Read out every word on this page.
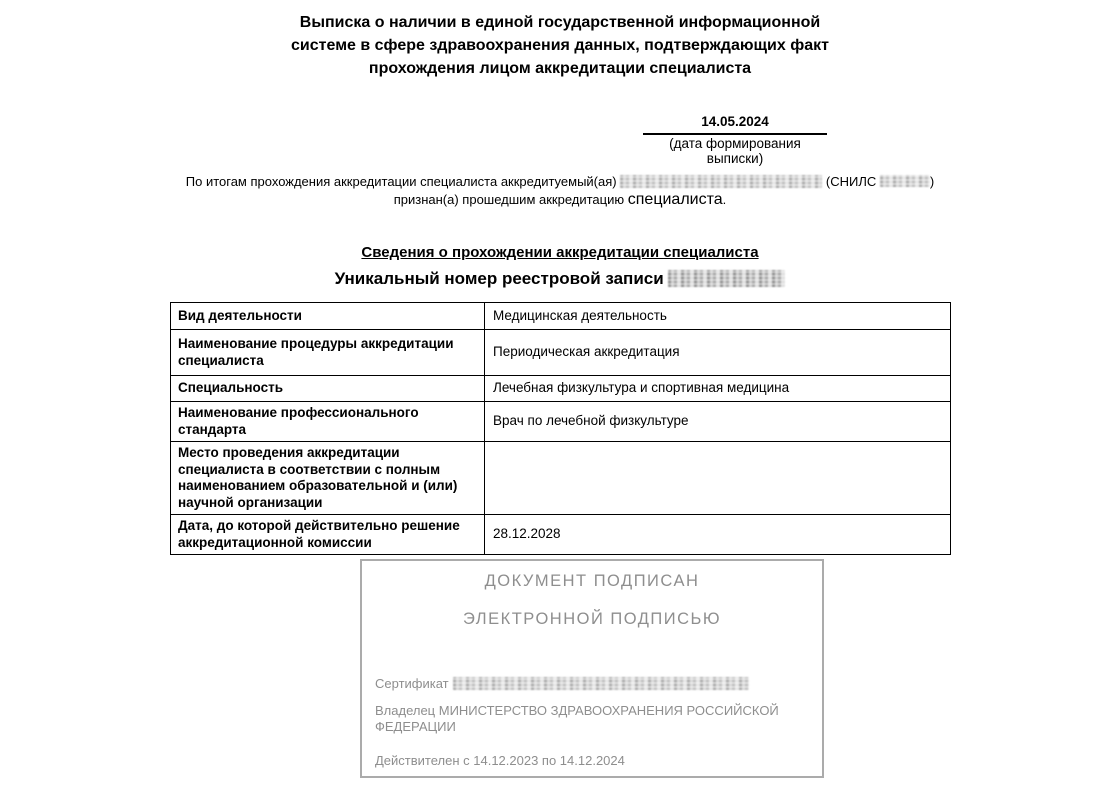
Выписка о наличии в единой государственной информационной
системе в сфере здравоохранения данных, подтверждающих факт
прохождения лицом аккредитации специалиста
14.05.2024
(дата формирования выписки)

По итогам прохождения аккредитации специалиста аккредитуемый(ая)	(СНИЛС	)
признан(а) прошедшим аккредитацию специалиста.

Сведения о прохождении аккредитации специалиста
Уникальный номер реестровой записи
Вид деятельности	Медицинская деятельность
Наименование процедуры аккредитации специалиста	Периодическая аккредитация
Специальность	Лечебная физкультура и спортивная медицина
Наименование профессионального стандарта	Врач по лечебной физкультуре
Место проведения аккредитации специалиста в соответствии с полным наименованием образовательной и (или) научной организации	
Дата, до которой действительно решение аккредитационной комиссии	28.12.2028
ДОКУМЕНТ ПОДПИСАН
ЭЛЕКТРОННОЙ ПОДПИСЬЮ
Сертификат
Владелец МИНИСТЕРСТВО ЗДРАВООХРАНЕНИЯ РОССИЙСКОЙ ФЕДЕРАЦИИ
Действителен с 14.12.2023 по 14.12.2024
